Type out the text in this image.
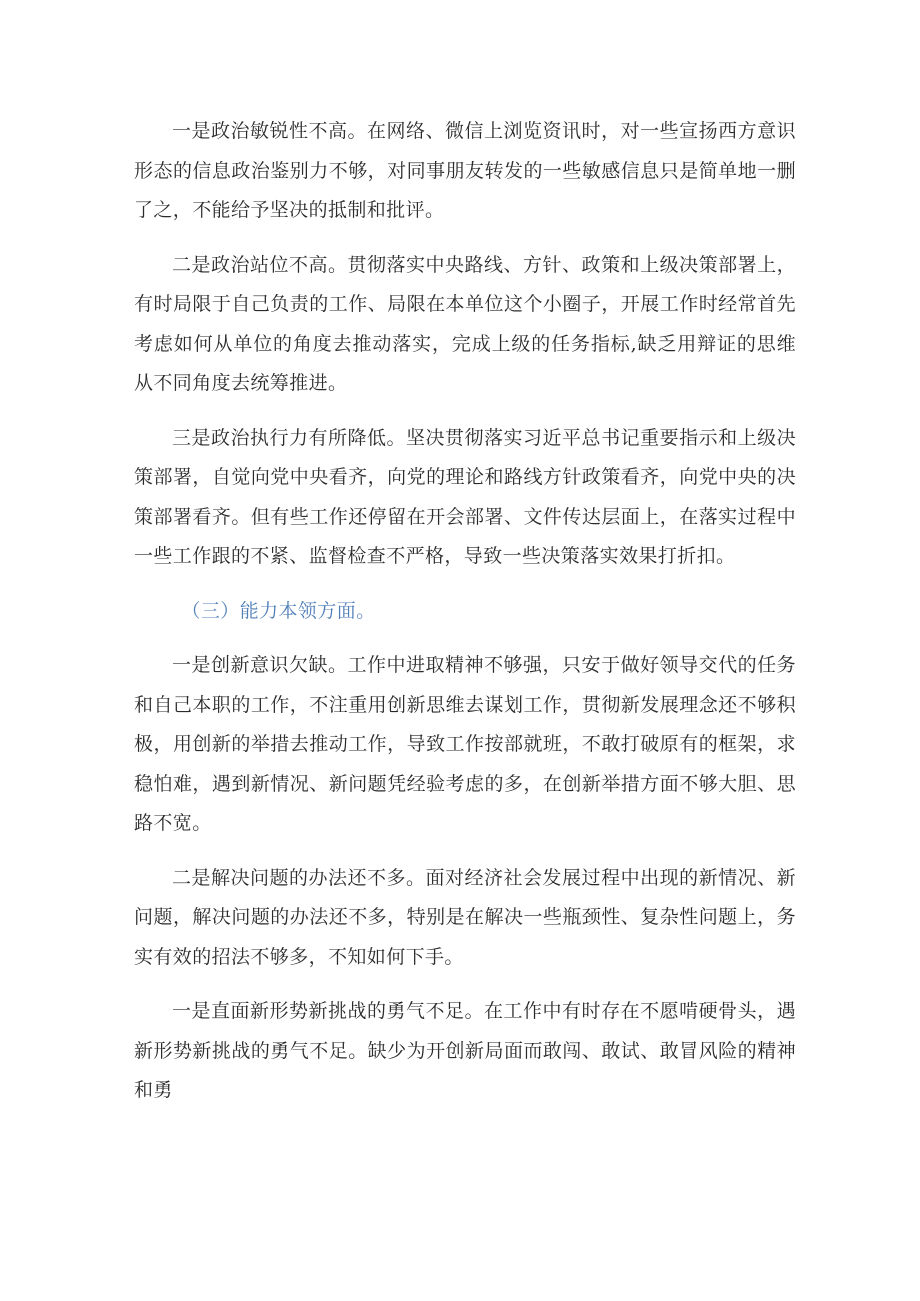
一是政治敏锐性不高。在网络、微信上浏览资讯时，对一些宣扬西方意识形态的信息政治鉴别力不够，对同事朋友转发的一些敏感信息只是简单地一删了之，不能给予坚决的抵制和批评。

二是政治站位不高。贯彻落实中央路线、方针、政策和上级决策部署上，有时局限于自己负责的工作、局限在本单位这个小圈子，开展工作时经常首先考虑如何从单位的角度去推动落实，完成上级的任务指标,缺乏用辩证的思维从不同角度去统筹推进。

三是政治执行力有所降低。坚决贯彻落实习近平总书记重要指示和上级决策部署，自觉向党中央看齐，向党的理论和路线方针政策看齐，向党中央的决策部署看齐。但有些工作还停留在开会部署、文件传达层面上，在落实过程中一些工作跟的不紧、监督检查不严格，导致一些决策落实效果打折扣。

（三）能力本领方面。

一是创新意识欠缺。工作中进取精神不够强，只安于做好领导交代的任务和自己本职的工作，不注重用创新思维去谋划工作，贯彻新发展理念还不够积极，用创新的举措去推动工作，导致工作按部就班，不敢打破原有的框架，求稳怕难，遇到新情况、新问题凭经验考虑的多，在创新举措方面不够大胆、思路不宽。

二是解决问题的办法还不多。面对经济社会发展过程中出现的新情况、新问题，解决问题的办法还不多，特别是在解决一些瓶颈性、复杂性问题上，务实有效的招法不够多，不知如何下手。

一是直面新形势新挑战的勇气不足。在工作中有时存在不愿啃硬骨头，遇新形势新挑战的勇气不足。缺少为开创新局面而敢闯、敢试、敢冒风险的精神和勇
